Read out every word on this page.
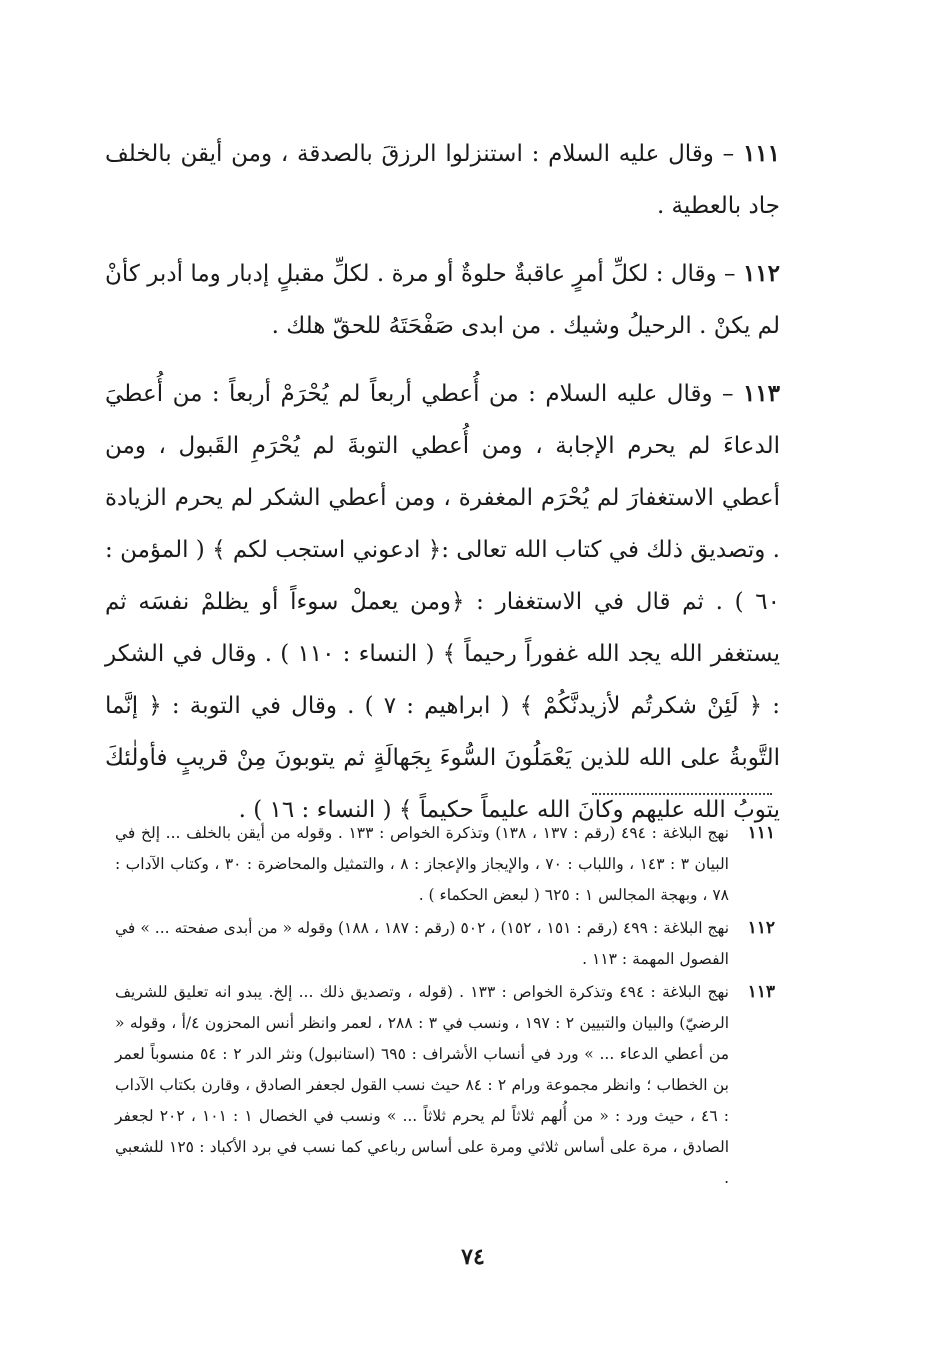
١١١ – وقال عليه السلام : استنزلوا الرزقَ بالصدقة ، ومن أيقن بالخلف جاد بالعطية .

١١٢ – وقال : لكلِّ أمرٍ عاقبةٌ حلوةٌ أو مرة . لكلِّ مقبلٍ إدبار وما أدبر كأنْ لم يكنْ . الرحيلُ وشيك . من ابدى صَفْحَتَهُ للحقّ هلك .

١١٣ – وقال عليه السلام : من أُعطي أربعاً لم يُحْرَمْ أربعاً : من أُعطيَ الدعاءَ لم يحرم الإجابة ، ومن أُعطي التوبةَ لم يُحْرَمِ القَبول ، ومن أعطي الاستغفارَ لم يُحْرَم المغفرة ، ومن أعطي الشكر لم يحرم الزيادة . وتصديق ذلك في كتاب الله تعالى :﴿ ادعوني استجب لكم ﴾ ( المؤمن : ٦٠ ) . ثم قال في الاستغفار : ﴿ومن يعملْ سوءاً أو يظلمْ نفسَه ثم يستغفر الله يجد الله غفوراً رحيماً ﴾ ( النساء : ١١٠ ) . وقال في الشكر : ﴿ لَئِنْ شكرتُم لأزيدنَّكُمْ ﴾ ( ابراهيم : ٧ ) . وقال في التوبة : ﴿ إنَّما التَّوبةُ على الله للذين يَعْمَلُونَ السُّوءَ بِجَهالَةٍ ثم يتوبونَ مِنْ قريبٍ فأولٰئكَ يتوبُ الله عليهم وكانَ الله عليماً حكيماً ﴾ ( النساء : ١٦ ) .

١١١
نهج البلاغة : ٤٩٤ (رقم : ١٣٧ ، ١٣٨) وتذكرة الخواص : ١٣٣ . وقوله من أيقن بالخلف ... إلخ في البيان ٣ : ١٤٣ ، واللباب : ٧٠ ، والإيجاز والإعجاز : ٨ ، والتمثيل والمحاضرة : ٣٠ ، وكتاب الآداب : ٧٨ ، وبهجة المجالس ١ : ٦٢٥ ( لبعض الحكماء ) .
١١٢
نهج البلاغة : ٤٩٩ (رقم : ١٥١ ، ١٥٢) ، ٥٠٢ (رقم : ١٨٧ ، ١٨٨) وقوله « من أبدى صفحته ... » في الفصول المهمة : ١١٣ .
١١٣
نهج البلاغة : ٤٩٤ وتذكرة الخواص : ١٣٣ . (قوله ، وتصديق ذلك ... إلخ. يبدو انه تعليق للشريف الرضيّ) والبيان والتبيين ٢ : ١٩٧ ، ونسب في ٣ : ٢٨٨ ، لعمر وانظر أنس المحزون ٤/أ ، وقوله « من أعطي الدعاء ... » ورد في أنساب الأشراف : ٦٩٥ (استانبول) ونثر الدر ٢ : ٥٤ منسوباً لعمر بن الخطاب ؛ وانظر مجموعة ورام ٢ : ٨٤ حيث نسب القول لجعفر الصادق ، وقارن بكتاب الآداب : ٤٦ ، حيث ورد : « من أُلهم ثلاثاً لم يحرم ثلاثاً ... » ونسب في الخصال ١ : ١٠١ ، ٢٠٢ لجعفر الصادق ، مرة على أساس ثلاثي ومرة على أساس رباعي كما نسب في برد الأكباد : ١٢٥ للشعبي .
٧٤
